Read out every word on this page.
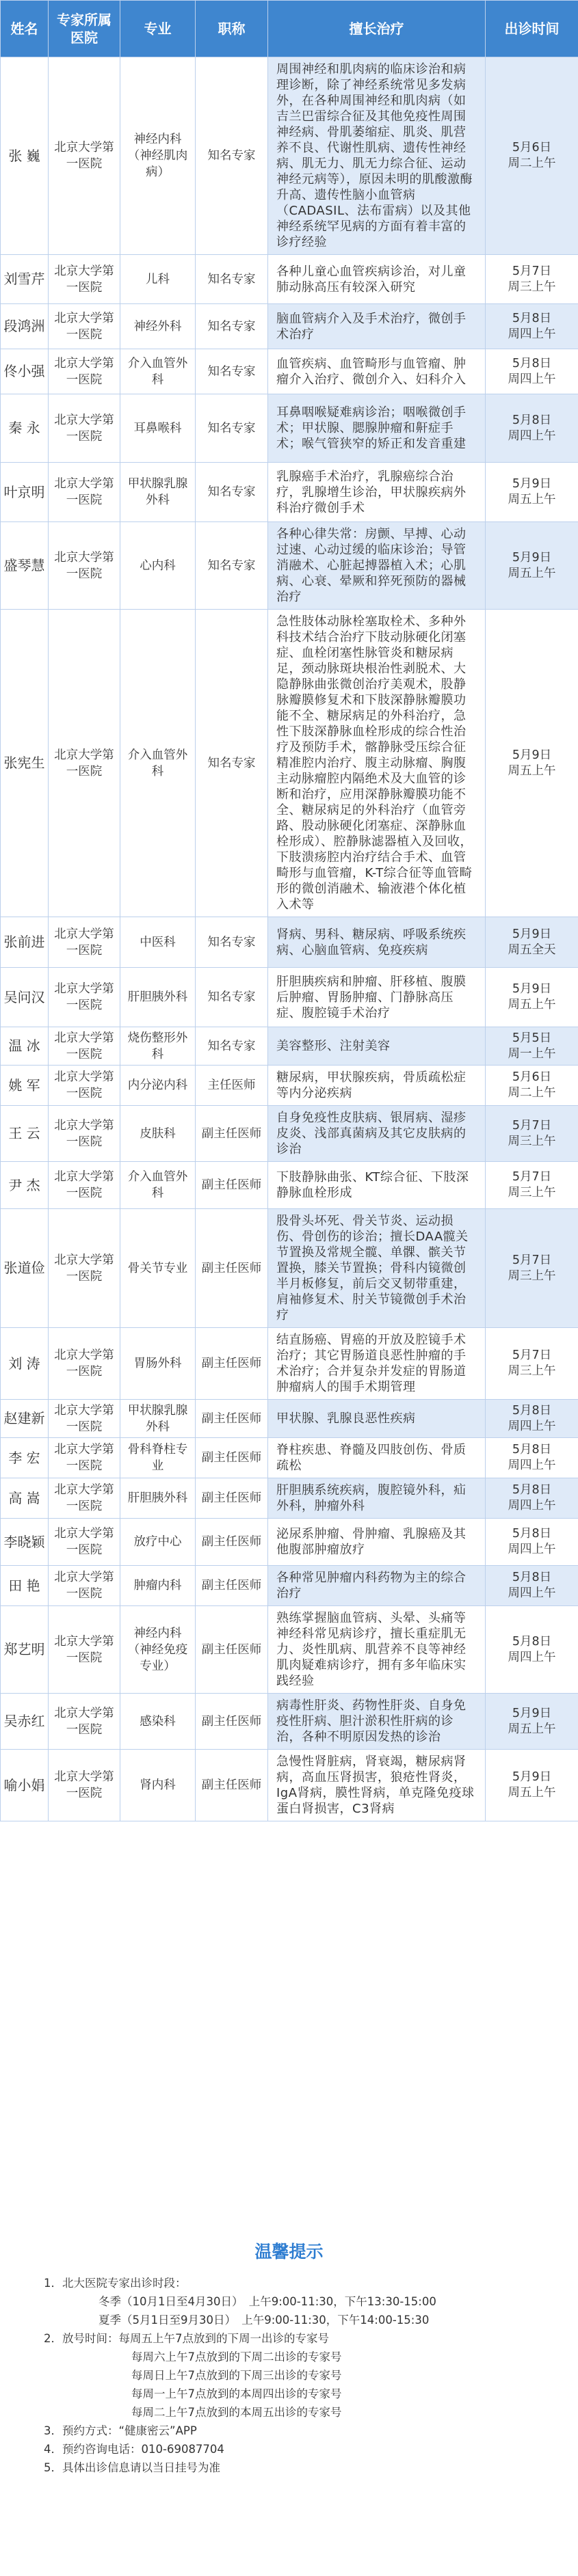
姓名	专家所属医院	专业	职称	擅长治疗	出诊时间
张 巍	北京大学第一医院	神经内科（神经肌肉病）	知名专家	周围神经和肌肉病的临床诊治和病理诊断，除了神经系统常见多发病外，在各种周围神经和肌肉病（如吉兰巴雷综合征及其他免疫性周围神经病、骨肌萎缩症、肌炎、肌营养不良、代谢性肌病、遗传性神经病、肌无力、肌无力综合征、运动神经元病等），原因未明的肌酸激酶升高、遗传性脑小血管病（CADASIL、法布雷病）以及其他神经系统罕见病的方面有着丰富的诊疗经验	5月6日
周二上午

刘雪芹	北京大学第一医院	儿科	知名专家	各种儿童心血管疾病诊治，对儿童肺动脉高压有较深入研究	5月7日
周三上午

段鸿洲	北京大学第一医院	神经外科	知名专家	脑血管病介入及手术治疗，微创手术治疗	5月8日
周四上午

佟小强	北京大学第一医院	介入血管外科	知名专家	血管疾病、血管畸形与血管瘤、肿瘤介入治疗、微创介入、妇科介入	5月8日
周四上午

秦 永	北京大学第一医院	耳鼻喉科	知名专家	耳鼻咽喉疑难病诊治；咽喉微创手术；甲状腺、腮腺肿瘤和鼾症手术；喉气管狭窄的矫正和发音重建	5月8日
周四上午

叶京明	北京大学第一医院	甲状腺乳腺外科	知名专家	乳腺癌手术治疗，乳腺癌综合治疗，乳腺增生诊治，甲状腺疾病外科治疗微创手术	5月9日
周五上午

盛琴慧	北京大学第一医院	心内科	知名专家	各种心律失常：房颤、早搏、心动过速、心动过缓的临床诊治；导管消融术、心脏起搏器植入术；心肌病、心衰、晕厥和猝死预防的器械治疗	5月9日
周五上午

张宪生	北京大学第一医院	介入血管外科	知名专家	急性肢体动脉栓塞取栓术、多种外科技术结合治疗下肢动脉硬化闭塞症、血栓闭塞性脉管炎和糖尿病足，颈动脉斑块根治性剥脱术、大隐静脉曲张微创治疗美观术，股静脉瓣膜修复术和下肢深静脉瓣膜功能不全、糖尿病足的外科治疗，急性下肢深静脉血栓形成的综合性治疗及预防手术，髂静脉受压综合征精准腔内治疗、腹主动脉瘤、胸腹主动脉瘤腔内隔绝术及大血管的诊断和治疗，应用深静脉瓣膜功能不全、糖尿病足的外科治疗（血管旁路、股动脉硬化闭塞症、深静脉血栓形成）、腔静脉滤器植入及回收，下肢溃疡腔内治疗结合手术、血管畸形与血管瘤，K-T综合征等血管畸形的微创消融术、输液港个体化植入术等	5月9日
周五上午

张前进	北京大学第一医院	中医科	知名专家	肾病、男科、糖尿病、呼吸系统疾病、心脑血管病、免疫疾病	5月9日
周五全天

吴问汉	北京大学第一医院	肝胆胰外科	知名专家	肝胆胰疾病和肿瘤、肝移植、腹膜后肿瘤、胃肠肿瘤、门静脉高压症、腹腔镜手术治疗	5月9日
周五上午

温 冰	北京大学第一医院	烧伤整形外科	知名专家	美容整形、注射美容	5月5日
周一上午

姚 军	北京大学第一医院	内分泌内科	主任医师	糖尿病，甲状腺疾病，骨质疏松症等内分泌疾病	5月6日
周二上午

王 云	北京大学第一医院	皮肤科	副主任医师	自身免疫性皮肤病、银屑病、湿疹皮炎、浅部真菌病及其它皮肤病的诊治	5月7日
周三上午

尹 杰	北京大学第一医院	介入血管外科	副主任医师	下肢静脉曲张、KT综合征、下肢深静脉血栓形成	5月7日
周三上午

张道俭	北京大学第一医院	骨关节专业	副主任医师	股骨头坏死、骨关节炎、运动损伤、骨创伤的诊治；擅长DAA髋关节置换及常规全髋、单髁、髌关节置换，膝关节置换；骨科内镜微创半月板修复，前后交叉韧带重建，肩袖修复术、肘关节镜微创手术治疗	5月7日
周三上午

刘 涛	北京大学第一医院	胃肠外科	副主任医师	结直肠癌、胃癌的开放及腔镜手术治疗；其它胃肠道良恶性肿瘤的手术治疗；合并复杂并发症的胃肠道肿瘤病人的围手术期管理	5月7日
周三上午

赵建新	北京大学第一医院	甲状腺乳腺外科	副主任医师	甲状腺、乳腺良恶性疾病	5月8日
周四上午

李 宏	北京大学第一医院	骨科脊柱专业	副主任医师	脊柱疾患、脊髓及四肢创伤、骨质疏松	5月8日
周四上午

高 嵩	北京大学第一医院	肝胆胰外科	副主任医师	肝胆胰系统疾病，腹腔镜外科，疝外科，肿瘤外科	5月8日
周四上午

李晓颖	北京大学第一医院	放疗中心	副主任医师	泌尿系肿瘤、骨肿瘤、乳腺癌及其他腹部肿瘤放疗	5月8日
周四上午

田 艳	北京大学第一医院	肿瘤内科	副主任医师	各种常见肿瘤内科药物为主的综合治疗	5月8日
周四上午

郑艺明	北京大学第一医院	神经内科（神经免疫专业）	副主任医师	熟练掌握脑血管病、头晕、头痛等神经科常见病诊疗，擅长重症肌无力、炎性肌病、肌营养不良等神经肌肉疑难病诊疗，拥有多年临床实践经验	5月8日
周四上午

吴赤红	北京大学第一医院	感染科	副主任医师	病毒性肝炎、药物性肝炎、自身免疫性肝病、胆汁淤积性肝病的诊治，各种不明原因发热的诊治	5月9日
周五上午

喻小娟	北京大学第一医院	肾内科	副主任医师	急慢性肾脏病，肾衰竭，糖尿病肾病，高血压肾损害，狼疮性肾炎，IgA肾病，膜性肾病，单克隆免疫球蛋白肾损害，C3肾病	5月9日
周五上午
温馨提示
1．北大医院专家出诊时段：
冬季（10月1日至4月30日）　上午9:00-11:30，下午13:30-15:00
夏季（5月1日至9月30日）　上午9:00-11:30，下午14:00-15:30
2．放号时间：每周五上午7点放到的下周一出诊的专家号
每周六上午7点放到的下周二出诊的专家号
每周日上午7点放到的下周三出诊的专家号
每周一上午7点放到的本周四出诊的专家号
每周二上午7点放到的本周五出诊的专家号
3．预约方式：“健康密云”APP
4．预约咨询电话：010-69087704
5．具体出诊信息请以当日挂号为准
